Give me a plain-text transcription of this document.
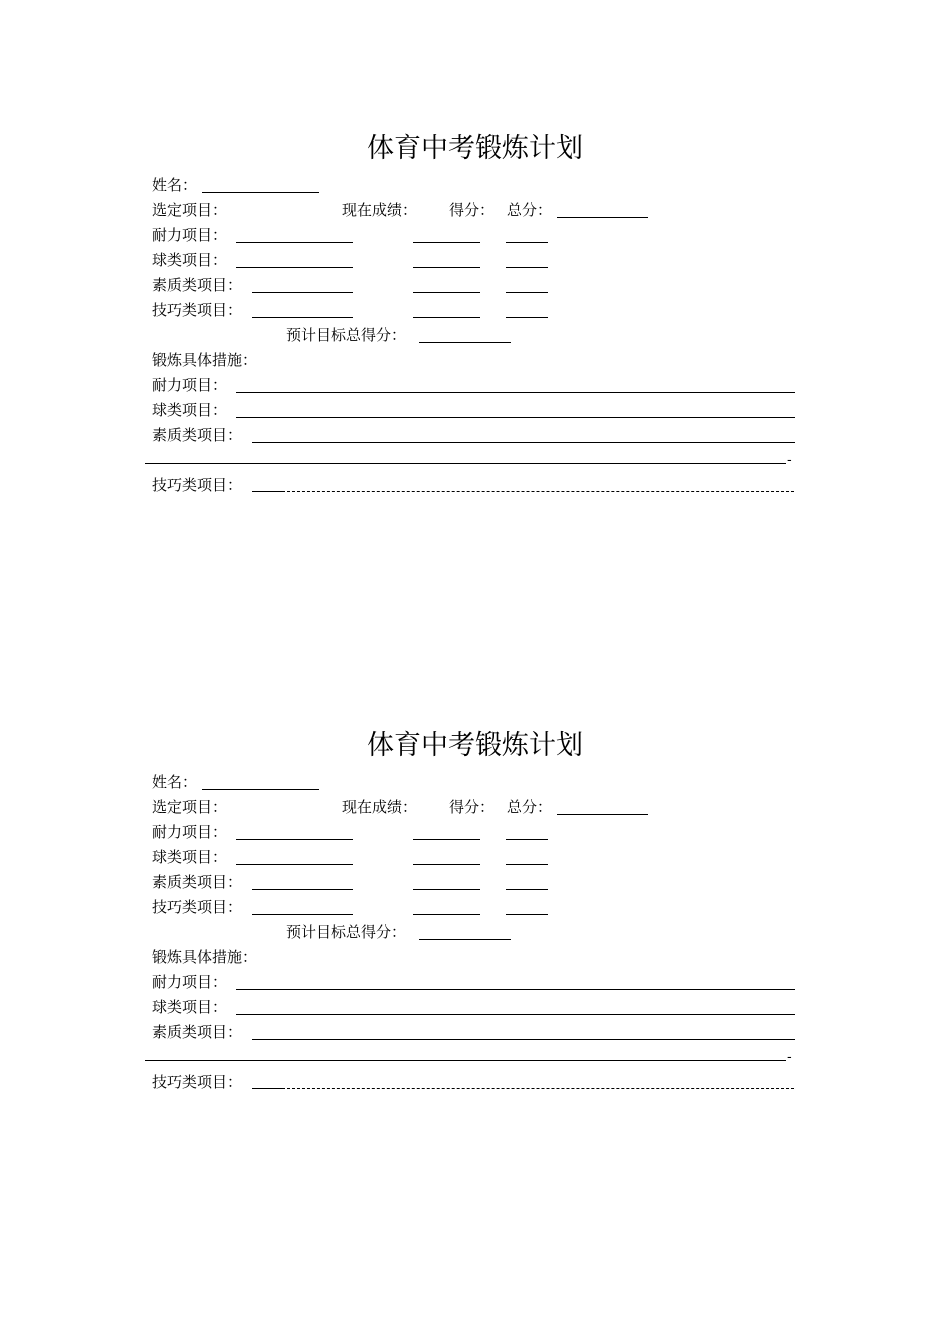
体育中考锻炼计划
姓名：
选定项目：	现在成绩： 得分： 总分：
耐力项目：
球类项目：
素质类项目：
技巧类项目：
预计目标总得分：
锻炼具体措施：
耐力项目：
球类项目：
素质类项目：
-
技巧类项目：
体育中考锻炼计划
姓名：
选定项目：	现在成绩： 得分： 总分：
耐力项目：
球类项目：
素质类项目：
技巧类项目：
预计目标总得分：
锻炼具体措施：
耐力项目：
球类项目：
素质类项目：
-
技巧类项目：
